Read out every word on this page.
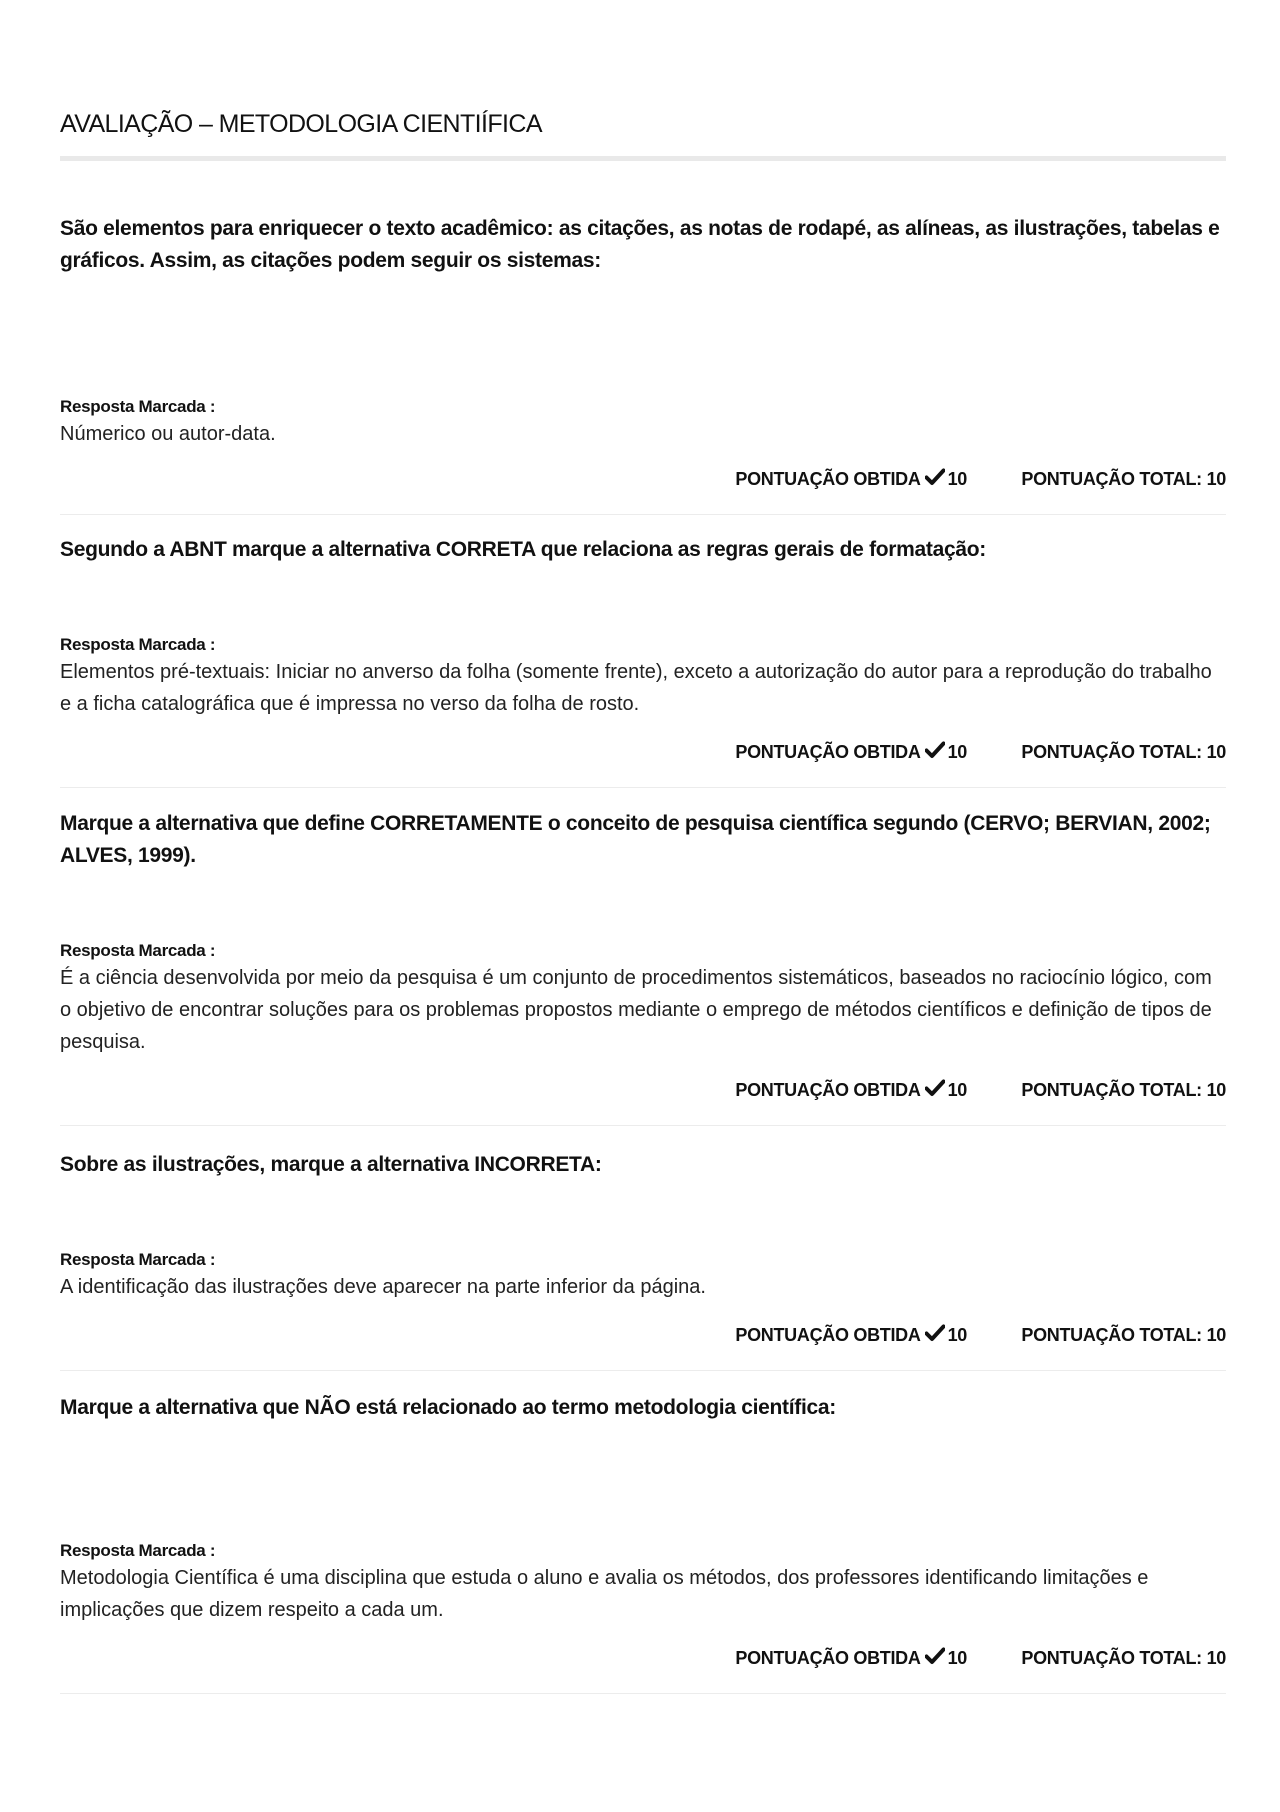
AVALIAÇÃO – METODOLOGIA CIENTIÍFICA

São elementos para enriquecer o texto acadêmico: as citações, as notas de rodapé, as alíneas, as ilustrações, tabelas e gráficos. Assim, as citações podem seguir os sistemas:

Resposta Marcada :

Númerico ou autor-data.

PONTUAÇÃO OBTIDA 10	PONTUAÇÃO TOTAL: 10

Segundo a ABNT marque a alternativa CORRETA que relaciona as regras gerais de formatação:

Resposta Marcada :

Elementos pré-textuais: Iniciar no anverso da folha (somente frente), exceto a autorização do autor para a reprodução do trabalho e a ficha catalográfica que é impressa no verso da folha de rosto.

PONTUAÇÃO OBTIDA 10	PONTUAÇÃO TOTAL: 10

Marque a alternativa que define CORRETAMENTE o conceito de pesquisa científica segundo (CERVO; BERVIAN, 2002; ALVES, 1999).

Resposta Marcada :

É a ciência desenvolvida por meio da pesquisa é um conjunto de procedimentos sistemáticos, baseados no raciocínio lógico, com o objetivo de encontrar soluções para os problemas propostos mediante o emprego de métodos científicos e definição de tipos de pesquisa.

PONTUAÇÃO OBTIDA 10	PONTUAÇÃO TOTAL: 10

Sobre as ilustrações, marque a alternativa INCORRETA:

Resposta Marcada :

A identificação das ilustrações deve aparecer na parte inferior da página.

PONTUAÇÃO OBTIDA 10	PONTUAÇÃO TOTAL: 10

Marque a alternativa que NÃO está relacionado ao termo metodologia científica:

Resposta Marcada :

Metodologia Científica é uma disciplina que estuda o aluno e avalia os métodos, dos professores identificando limitações e implicações que dizem respeito a cada um.

PONTUAÇÃO OBTIDA 10	PONTUAÇÃO TOTAL: 10
